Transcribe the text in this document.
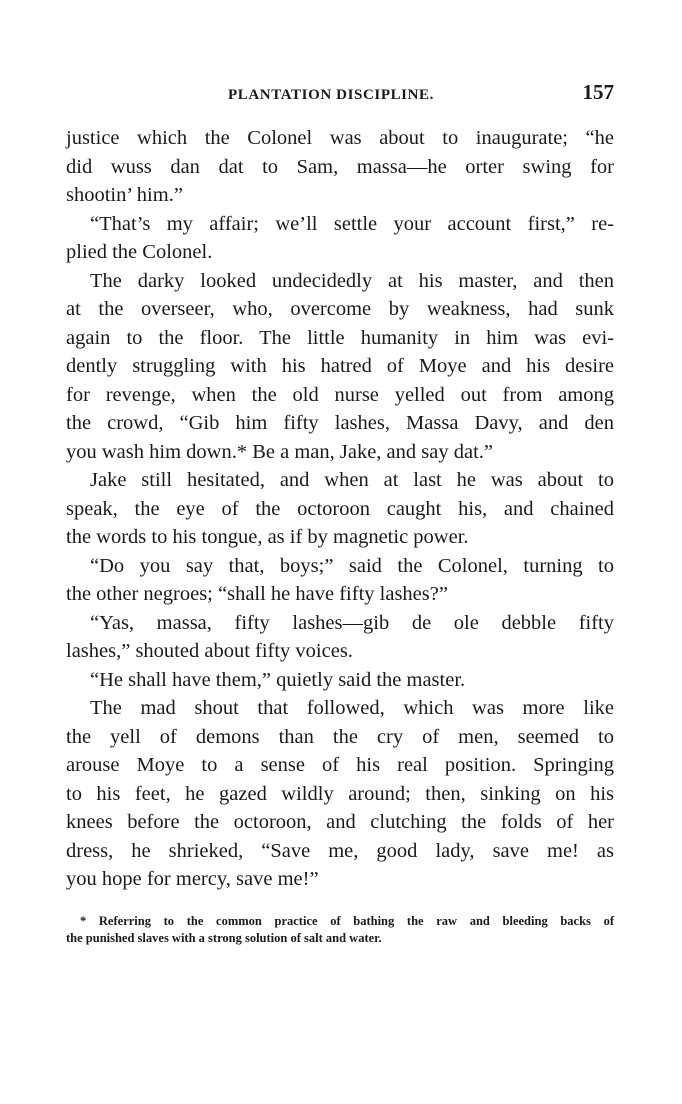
PLANTATION DISCIPLINE.	157
justice which the Colonel was about to inaugurate; “he
did wuss dan dat to Sam, massa—he orter swing for
shootin’ him.”
“That’s my affair; we’ll settle your account first,” re-
plied the Colonel.
The darky looked undecidedly at his master, and then
at the overseer, who, overcome by weakness, had sunk
again to the floor. The little humanity in him was evi-
dently struggling with his hatred of Moye and his desire
for revenge, when the old nurse yelled out from among
the crowd, “Gib him fifty lashes, Massa Davy, and den
you wash him down.* Be a man, Jake, and say dat.”
Jake still hesitated, and when at last he was about to
speak, the eye of the octoroon caught his, and chained
the words to his tongue, as if by magnetic power.
“Do you say that, boys;” said the Colonel, turning to
the other negroes; “shall he have fifty lashes?”
“Yas, massa, fifty lashes—gib de ole debble fifty
lashes,” shouted about fifty voices.
“He shall have them,” quietly said the master.
The mad shout that followed, which was more like
the yell of demons than the cry of men, seemed to
arouse Moye to a sense of his real position. Springing
to his feet, he gazed wildly around; then, sinking on his
knees before the octoroon, and clutching the folds of her
dress, he shrieked, “Save me, good lady, save me! as
you hope for mercy, save me!”
* Referring to the common practice of bathing the raw and bleeding backs of
the punished slaves with a strong solution of salt and water.
